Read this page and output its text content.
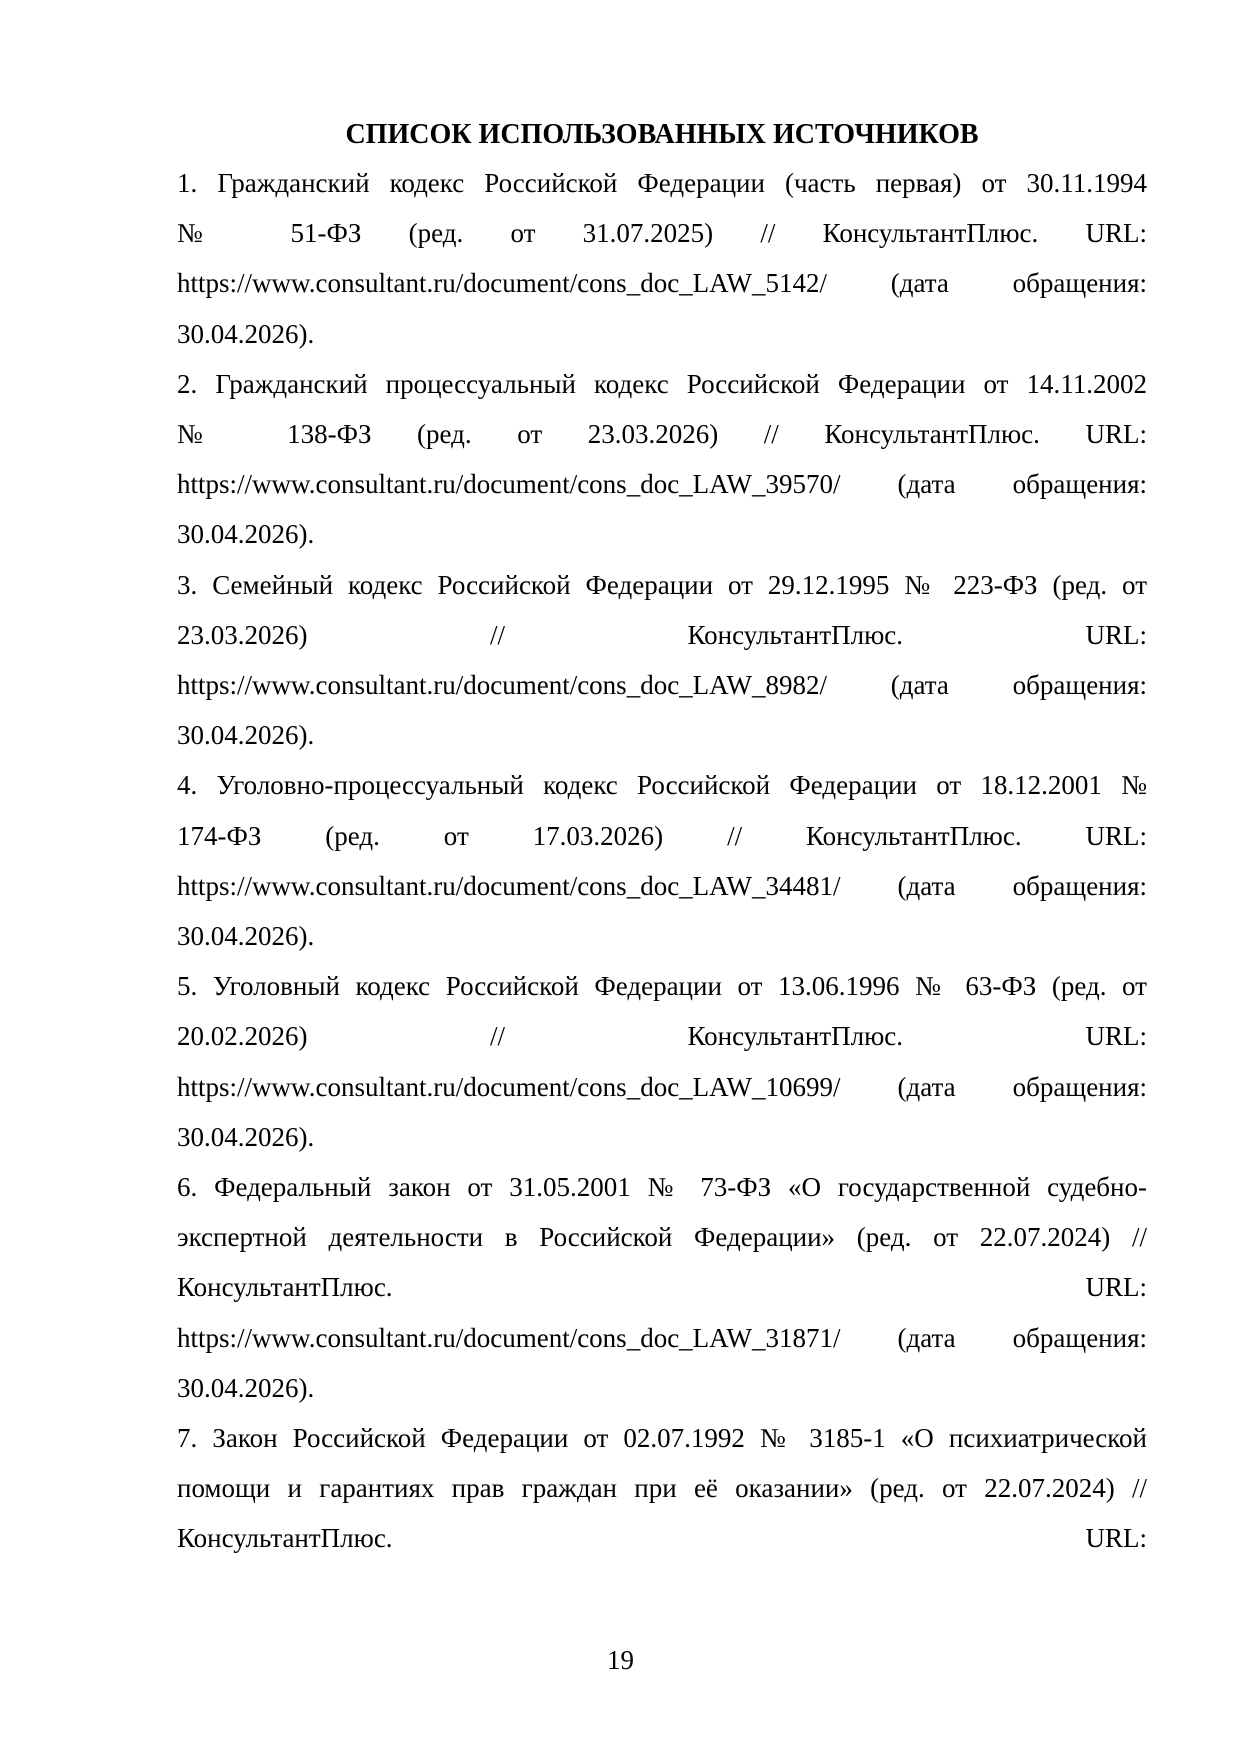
СПИСОК ИСПОЛЬЗОВАННЫХ ИСТОЧНИКОВ
1. Гражданский кодекс Российской Федерации (часть первая) от 30.11.1994
№ 51-ФЗ (ред. от 31.07.2025) // КонсультантПлюс. URL:
https://www.consultant.ru/document/cons_doc_LAW_5142/ (дата обращения:
30.04.2026).
2. Гражданский процессуальный кодекс Российской Федерации от 14.11.2002
№ 138-ФЗ (ред. от 23.03.2026) // КонсультантПлюс. URL:
https://www.consultant.ru/document/cons_doc_LAW_39570/ (дата обращения:
30.04.2026).
3. Семейный кодекс Российской Федерации от 29.12.1995 № 223-ФЗ (ред. от
23.03.2026) // КонсультантПлюс. URL:
https://www.consultant.ru/document/cons_doc_LAW_8982/ (дата обращения:
30.04.2026).
4. Уголовно-процессуальный кодекс Российской Федерации от 18.12.2001 №
174-ФЗ (ред. от 17.03.2026) // КонсультантПлюс. URL:
https://www.consultant.ru/document/cons_doc_LAW_34481/ (дата обращения:
30.04.2026).
5. Уголовный кодекс Российской Федерации от 13.06.1996 № 63-ФЗ (ред. от
20.02.2026) // КонсультантПлюс. URL:
https://www.consultant.ru/document/cons_doc_LAW_10699/ (дата обращения:
30.04.2026).
6. Федеральный закон от 31.05.2001 № 73-ФЗ «О государственной судебно-
экспертной деятельности в Российской Федерации» (ред. от 22.07.2024) //
КонсультантПлюс. URL:
https://www.consultant.ru/document/cons_doc_LAW_31871/ (дата обращения:
30.04.2026).
7. Закон Российской Федерации от 02.07.1992 № 3185-1 «О психиатрической
помощи и гарантиях прав граждан при её оказании» (ред. от 22.07.2024) //
КонсультантПлюс. URL:
19
